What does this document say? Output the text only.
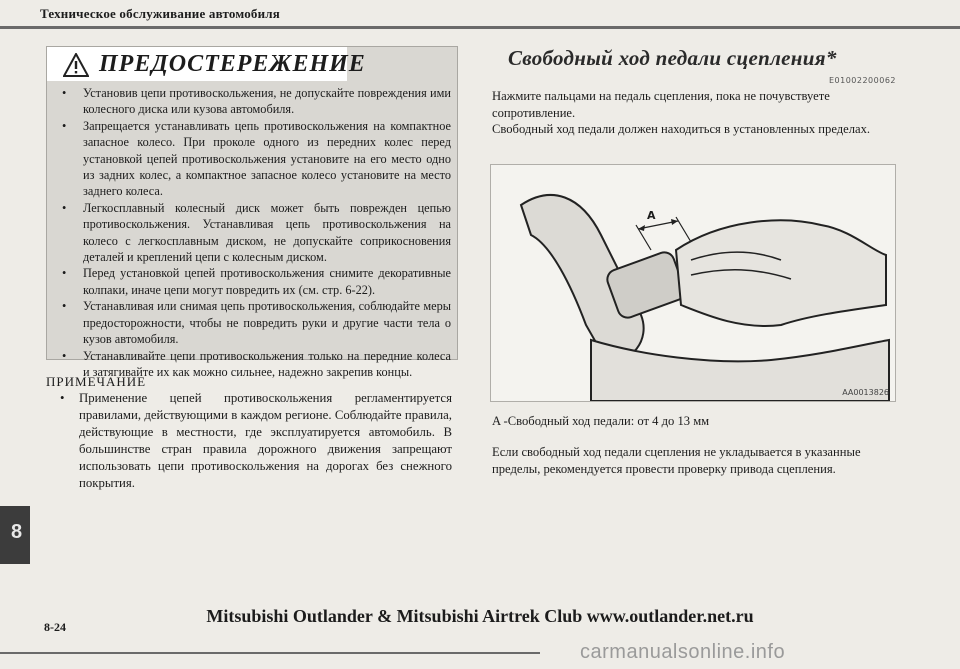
Техническое обслуживание автомобиля
ПРЕДОСТЕРЕЖЕНИЕ
• Установив цепи противоскольжения, не допускайте повреждения ими колесного диска или кузова автомобиля.
• Запрещается устанавливать цепь противоскольжения на компактное запасное колесо. При проколе одного из передних колес перед установкой цепей противоскольжения установите на его место одно из задних колес, а компактное запасное колесо установите на место заднего колеса.
• Легкосплавный колесный диск может быть поврежден цепью противоскольжения. Устанавливая цепь противоскольжения на колесо с легкосплавным диском, не допускайте соприкосновения деталей и креплений цепи с колесным диском.
• Перед установкой цепей противоскольжения снимите декоративные колпаки, иначе цепи могут повредить их (см. стр. 6-22).
• Устанавливая или снимая цепь противоскольжения, соблюдайте меры предосторожности, чтобы не повредить руки и другие части тела о кузов автомобиля.
• Устанавливайте цепи противоскольжения только на передние колеса и затягивайте их как можно сильнее, надежно закрепив концы.
ПРИМЕЧАНИЕ
• Применение цепей противоскольжения регламентируется правилами, действующими в каждом регионе. Соблюдайте правила, действующие в местности, где эксплуатируется автомобиль. В большинстве стран правила дорожного движения запрещают использовать цепи противоскольжения на дорогах без снежного покрытия.
Свободный ход педали сцепления*
E01002200062

Нажмите пальцами на педаль сцепления, пока не почувствуете сопротивление.

Свободный ход педали должен находиться в установленных пределах.

A
AA0013826
A -Свободный ход педали: от 4 до 13 мм
Если свободный ход педали сцепления не укладывается в указанные пределы, рекомендуется провести проверку привода сцепления.
8
Mitsubishi Outlander & Mitsubishi Airtrek Club www.outlander.net.ru
8-24
carmanualsonline.info
